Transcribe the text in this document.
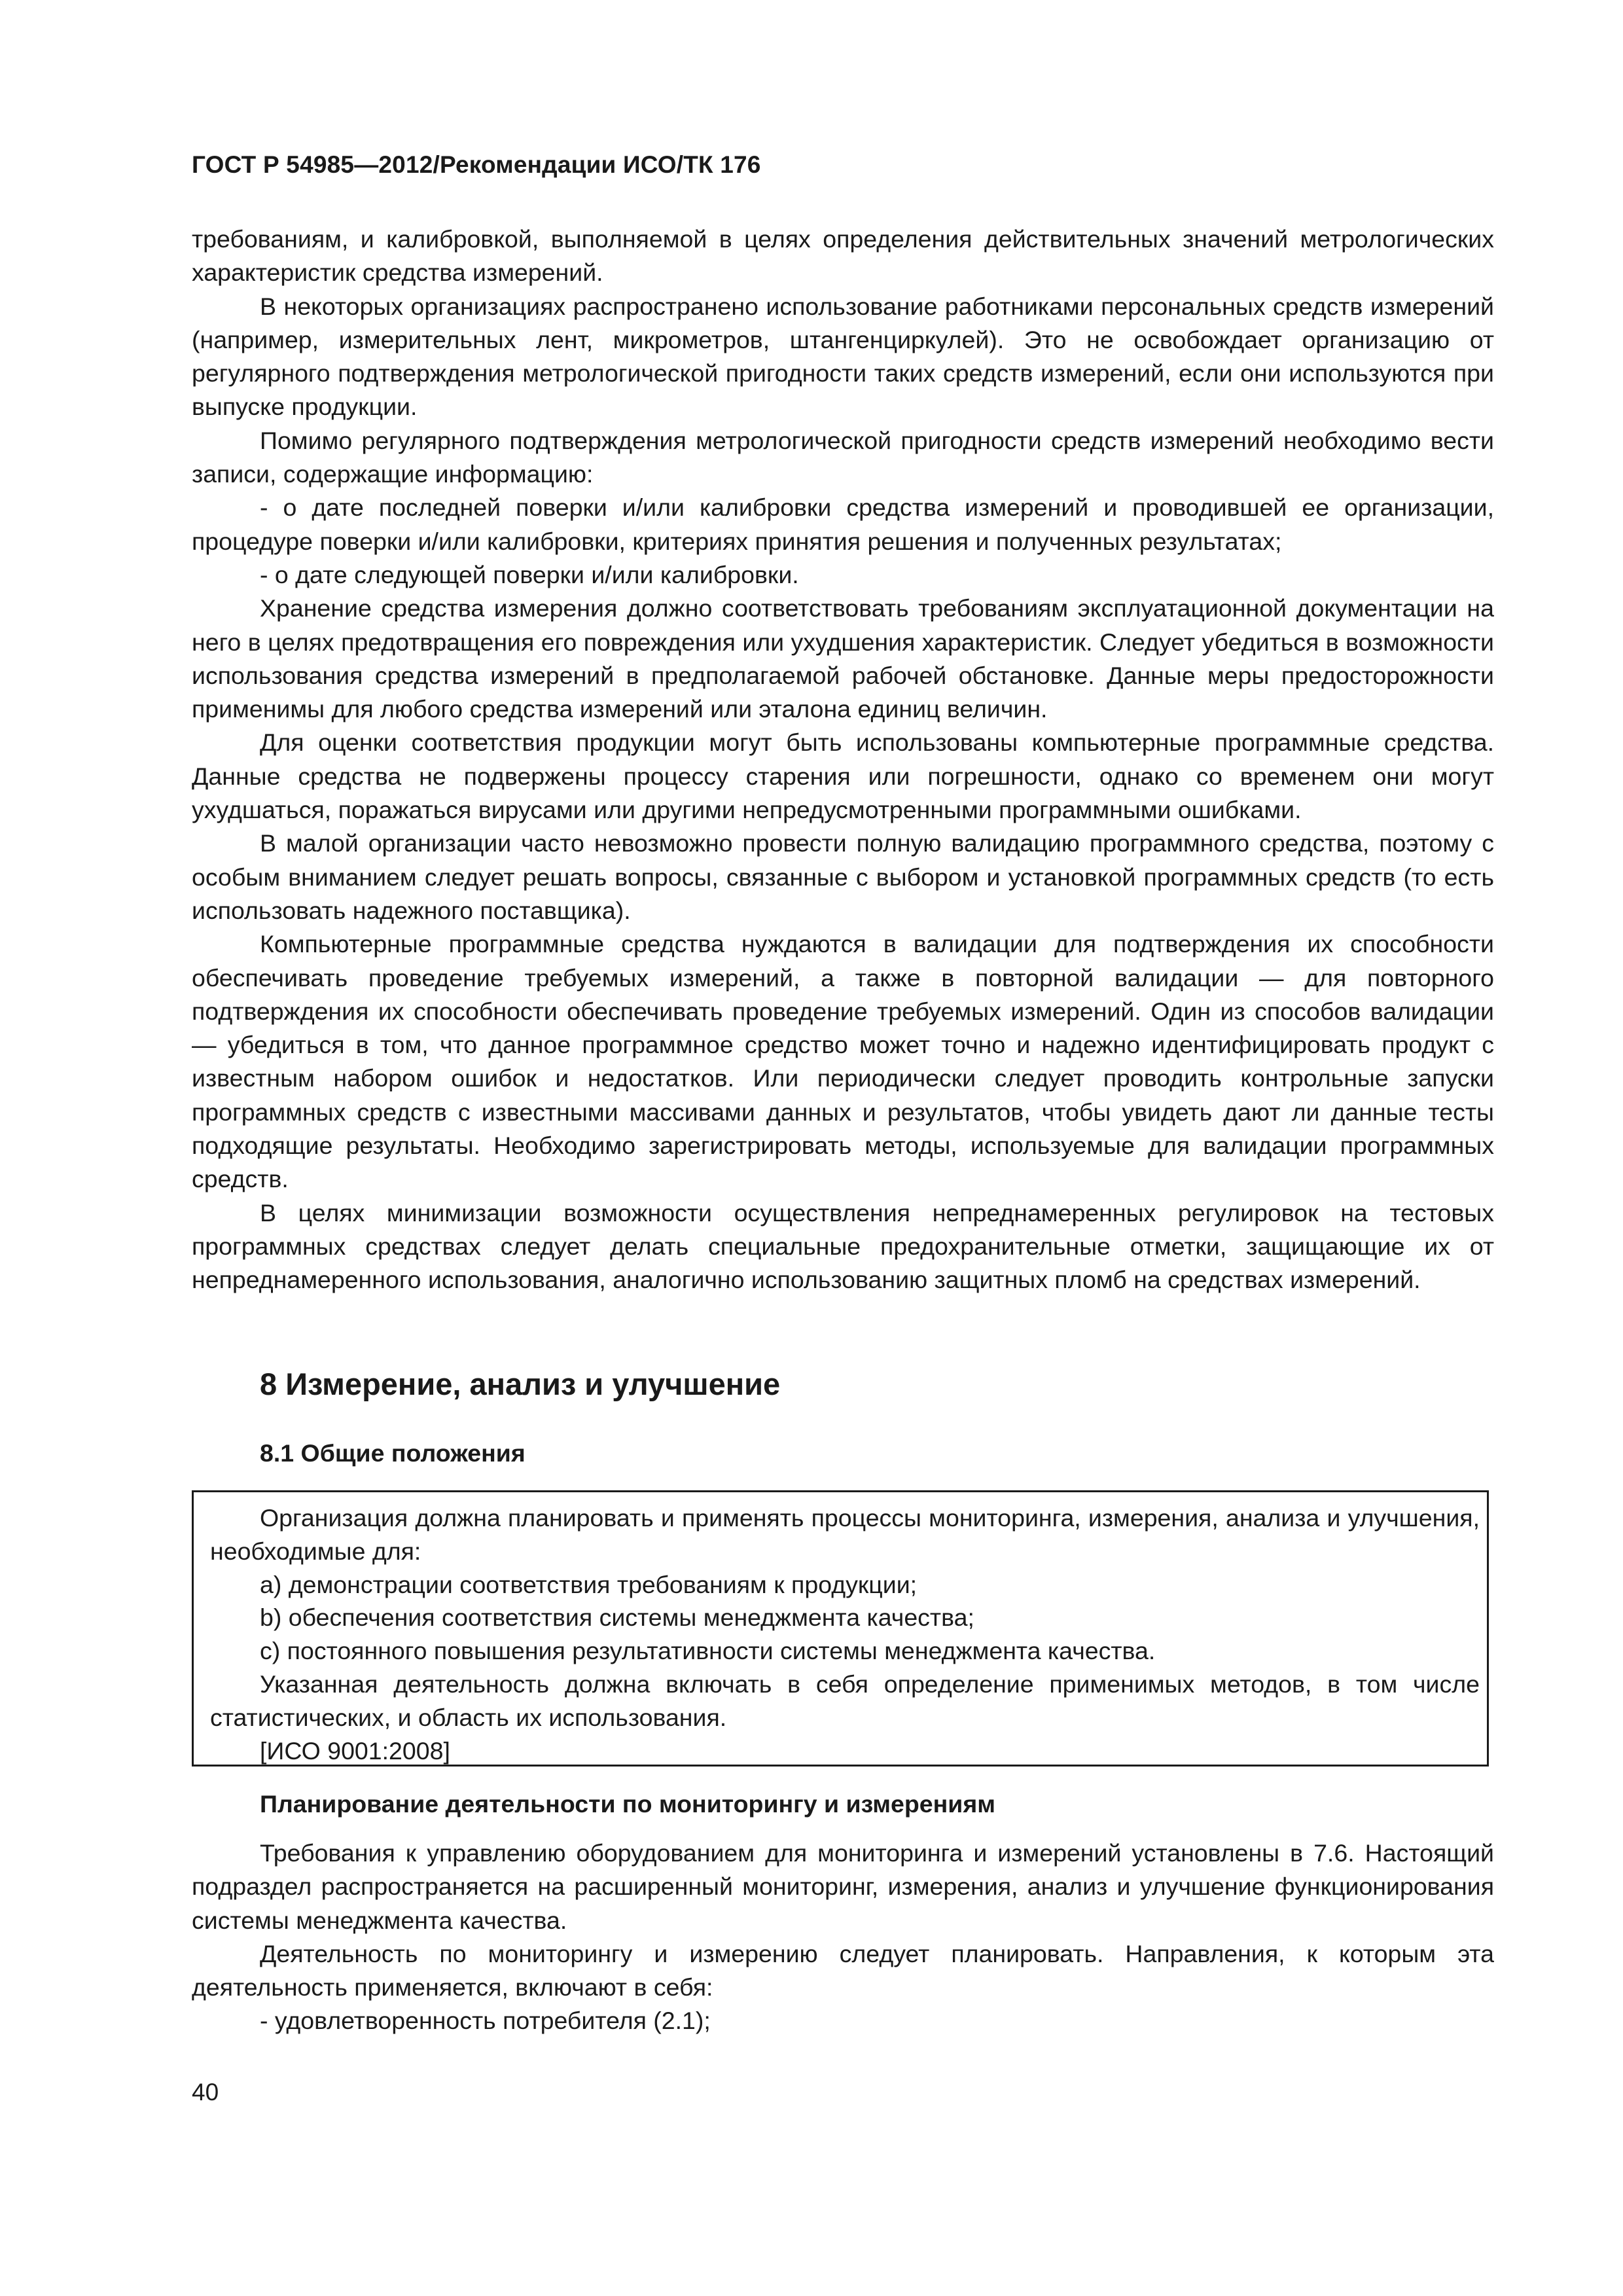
ГОСТ Р 54985—2012/Рекомендации ИСО/ТК 176

требованиям, и калибровкой, выполняемой в целях определения действительных значений метрологических характеристик средства измерений.

В некоторых организациях распространено использование работниками персональных средств измерений (например, измерительных лент, микрометров, штангенциркулей). Это не освобождает организацию от регулярного подтверждения метрологической пригодности таких средств измерений, если они используются при выпуске продукции.

Помимо регулярного подтверждения метрологической пригодности средств измерений необходимо вести записи, содержащие информацию:

- о дате последней поверки и/или калибровки средства измерений и проводившей ее организации, процедуре поверки и/или калибровки, критериях принятия решения и полученных результатах;

- о дате следующей поверки и/или калибровки.

Хранение средства измерения должно соответствовать требованиям эксплуатационной документации на него в целях предотвращения его повреждения или ухудшения характеристик. Следует убедиться в возможности использования средства измерений в предполагаемой рабочей обстановке. Данные меры предосторожности применимы для любого средства измерений или эталона единиц величин.

Для оценки соответствия продукции могут быть использованы компьютерные программные средства. Данные средства не подвержены процессу старения или погрешности, однако со временем они могут ухудшаться, поражаться вирусами или другими непредусмотренными программными ошибками.

В малой организации часто невозможно провести полную валидацию программного средства, поэтому с особым вниманием следует решать вопросы, связанные с выбором и установкой программных средств (то есть использовать надежного поставщика).

Компьютерные программные средства нуждаются в валидации для подтверждения их способности обеспечивать проведение требуемых измерений, а также в повторной валидации — для повторного подтверждения их способности обеспечивать проведение требуемых измерений. Один из способов валидации — убедиться в том, что данное программное средство может точно и надежно идентифицировать продукт с известным набором ошибок и недостатков. Или периодически следует проводить контрольные запуски программных средств с известными массивами данных и результатов, чтобы увидеть дают ли данные тесты подходящие результаты. Необходимо зарегистрировать методы, используемые для валидации программных средств.

В целях минимизации возможности осуществления непреднамеренных регулировок на тестовых программных средствах следует делать специальные предохранительные отметки, защищающие их от непреднамеренного использования, аналогично использованию защитных пломб на средствах измерений.

8 Измерение, анализ и улучшение
8.1 Общие положения

Организация должна планировать и применять процессы мониторинга, измерения, анализа и улучшения, необходимые для:

a) демонстрации соответствия требованиям к продукции;

b) обеспечения соответствия системы менеджмента качества;

c) постоянного повышения результативности системы менеджмента качества.

Указанная деятельность должна включать в себя определение применимых методов, в том числе статистических, и область их использования.

[ИСО 9001:2008]

Планирование деятельности по мониторингу и измерениям

Требования к управлению оборудованием для мониторинга и измерений установлены в 7.6. Настоящий подраздел распространяется на расширенный мониторинг, измерения, анализ и улучшение функционирования системы менеджмента качества.

Деятельность по мониторингу и измерению следует планировать. Направления, к которым эта деятельность применяется, включают в себя:

- удовлетворенность потребителя (2.1);

40
